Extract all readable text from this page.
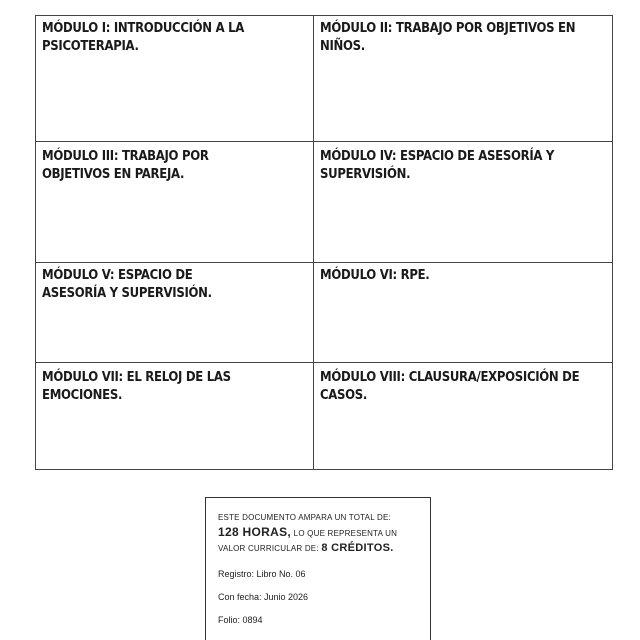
MÓDULO I: INTRODUCCIÓN A LA PSICOTERAPIA.
MÓDULO II: TRABAJO POR OBJETIVOS EN NIÑOS.
MÓDULO III: TRABAJO POR OBJETIVOS EN PAREJA.
MÓDULO IV: ESPACIO DE ASESORÍA Y SUPERVISIÓN.
MÓDULO V: ESPACIO DE ASESORÍA Y SUPERVISIÓN.
MÓDULO VI: RPE.
MÓDULO VII: EL RELOJ DE LAS EMOCIONES.
MÓDULO VIII: CLAUSURA/EXPOSICIÓN DE CASOS.

ESTE DOCUMENTO AMPARA UN TOTAL DE:
128 HORAS, LO QUE REPRESENTA UN
VALOR CURRICULAR DE: 8 CRÉDITOS.

Registro: Libro No. 06

Con fecha: Junio 2026

Folio: 0894
